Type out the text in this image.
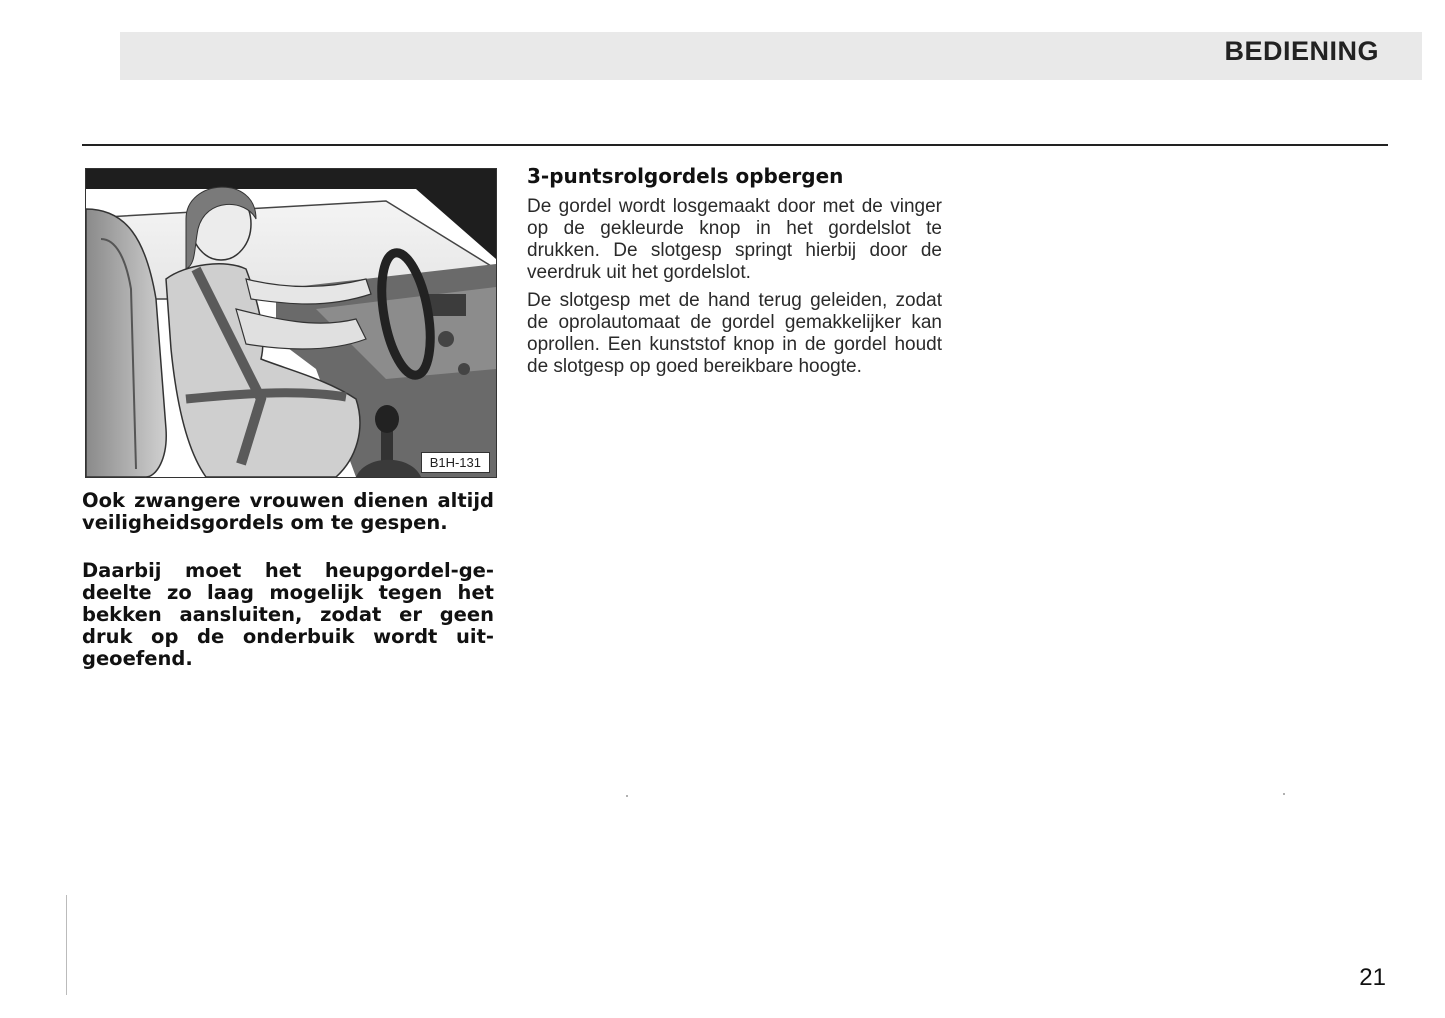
BEDIENING
B1H-131

Ook zwangere vrouwen dienen altijd veiligheidsgordels om te gespen.

Daarbij moet het heupgordel-gedeelte zo laag mogelijk tegen het bekken aansluiten, zodat er geen druk op de onderbuik wordt uitgeoefend.

3-puntsrolgordels opbergen

De gordel wordt losgemaakt door met de vinger op de gekleurde knop in het gordelslot te drukken. De slotgesp springt hierbij door de veerdruk uit het gordelslot.

De slotgesp met de hand terug geleiden, zodat de oprolautomaat de gordel gemakkelijker kan oprollen. Een kunststof knop in de gordel houdt de slotgesp op goed bereikbare hoogte.

21
